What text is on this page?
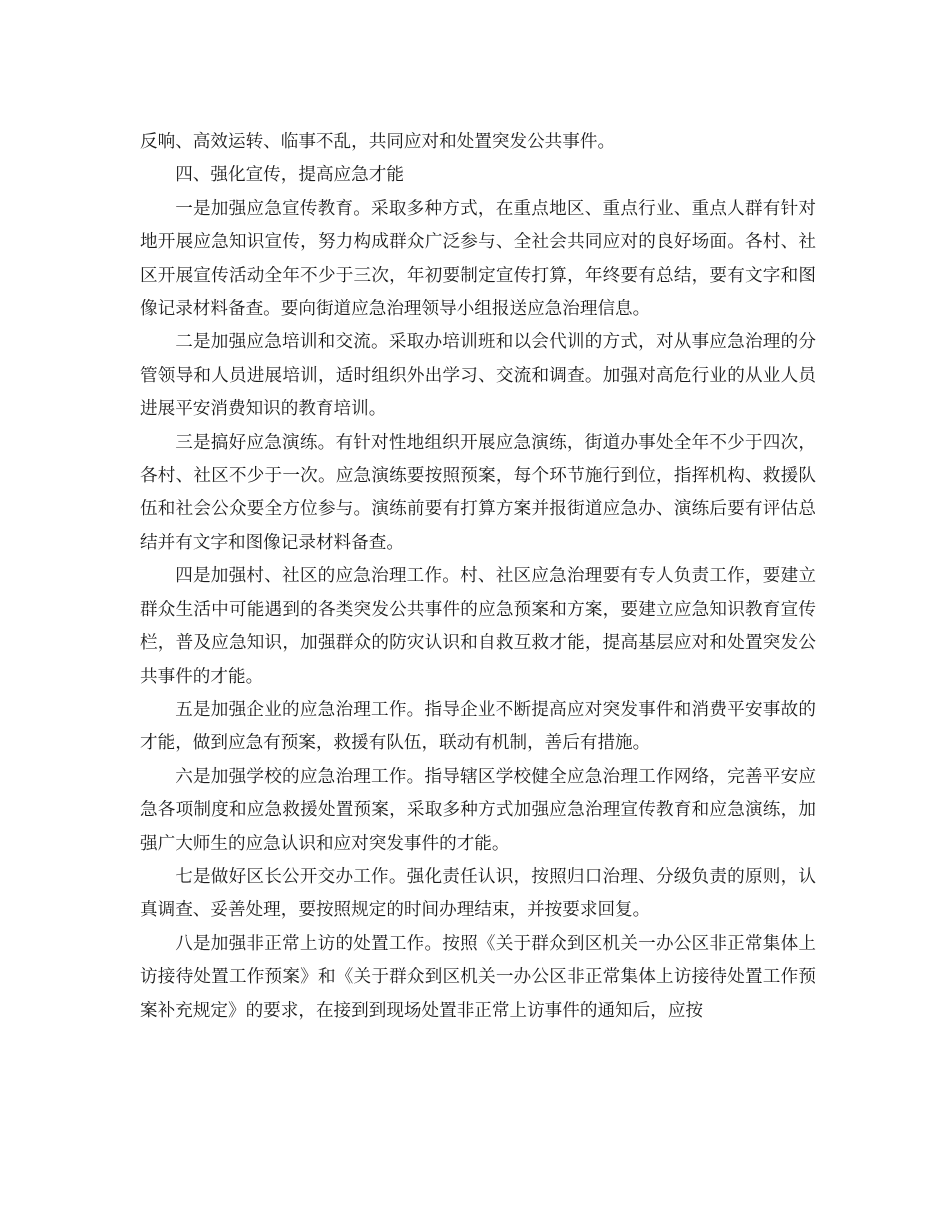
反响、高效运转、临事不乱，共同应对和处置突发公共事件。

四、强化宣传，提高应急才能

一是加强应急宣传教育。采取多种方式，在重点地区、重点行业、重点人群有针对地开展应急知识宣传，努力构成群众广泛参与、全社会共同应对的良好场面。各村、社区开展宣传活动全年不少于三次，年初要制定宣传打算，年终要有总结，要有文字和图像记录材料备查。要向街道应急治理领导小组报送应急治理信息。

二是加强应急培训和交流。采取办培训班和以会代训的方式，对从事应急治理的分管领导和人员进展培训，适时组织外出学习、交流和调查。加强对高危行业的从业人员进展平安消费知识的教育培训。

三是搞好应急演练。有针对性地组织开展应急演练，街道办事处全年不少于四次，各村、社区不少于一次。应急演练要按照预案，每个环节施行到位，指挥机构、救援队伍和社会公众要全方位参与。演练前要有打算方案并报街道应急办、演练后要有评估总结并有文字和图像记录材料备查。

四是加强村、社区的应急治理工作。村、社区应急治理要有专人负责工作，要建立群众生活中可能遇到的各类突发公共事件的应急预案和方案，要建立应急知识教育宣传栏，普及应急知识，加强群众的防灾认识和自救互救才能，提高基层应对和处置突发公共事件的才能。

五是加强企业的应急治理工作。指导企业不断提高应对突发事件和消费平安事故的才能，做到应急有预案，救援有队伍，联动有机制，善后有措施。

六是加强学校的应急治理工作。指导辖区学校健全应急治理工作网络，完善平安应急各项制度和应急救援处置预案，采取多种方式加强应急治理宣传教育和应急演练，加强广大师生的应急认识和应对突发事件的才能。

七是做好区长公开交办工作。强化责任认识，按照归口治理、分级负责的原则，认真调查、妥善处理，要按照规定的时间办理结束，并按要求回复。

八是加强非正常上访的处置工作。按照《关于群众到区机关一办公区非正常集体上访接待处置工作预案》和《关于群众到区机关一办公区非正常集体上访接待处置工作预案补充规定》的要求，在接到到现场处置非正常上访事件的通知后，应按
